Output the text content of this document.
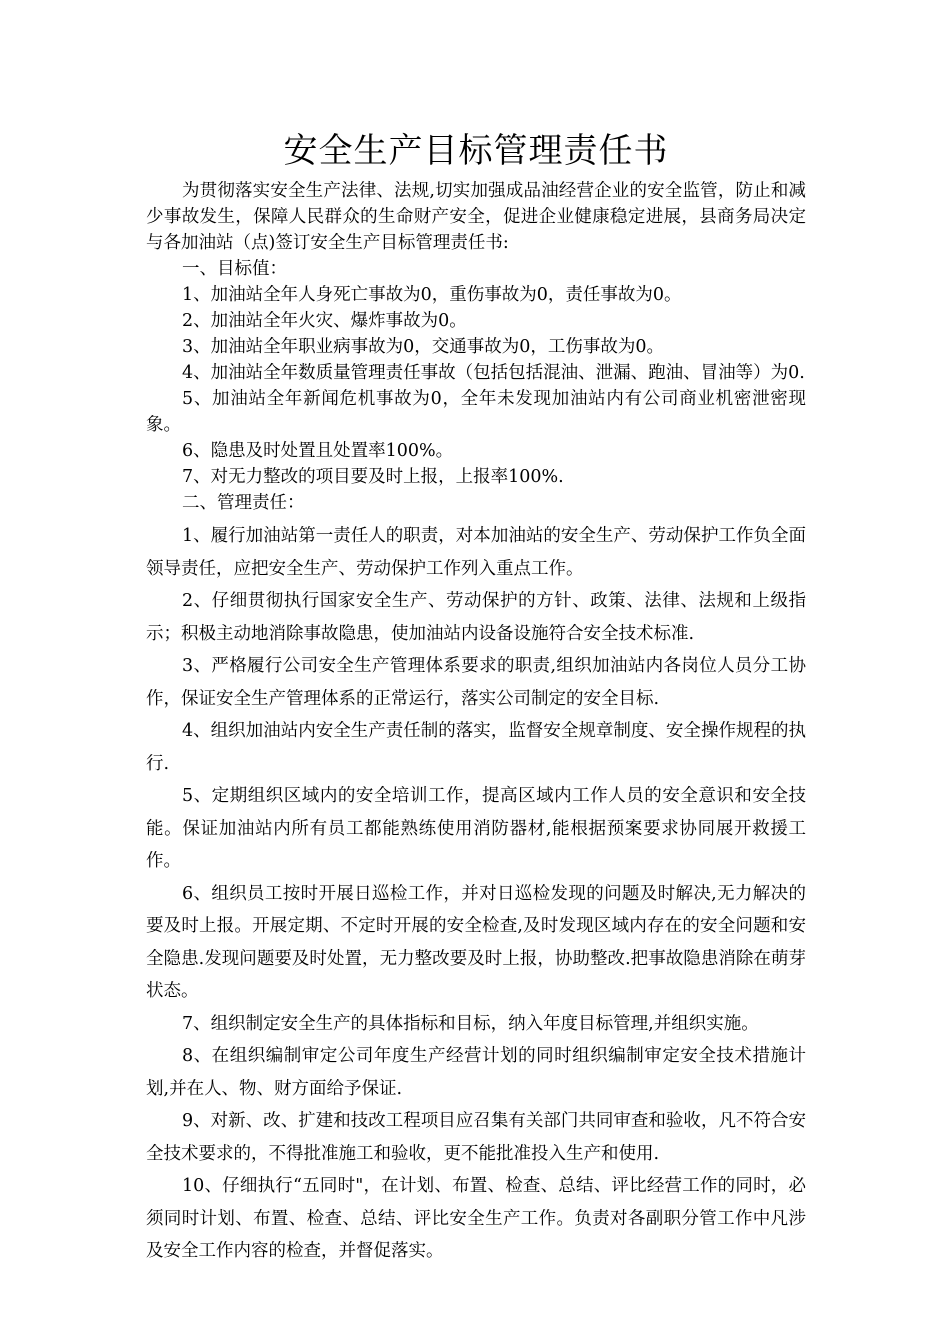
安全生产目标管理责任书

为贯彻落实安全生产法律、法规,切实加强成品油经营企业的安全监管，防止和减少事故发生，保障人民群众的生命财产安全，促进企业健康稳定进展，县商务局决定与各加油站（点)签订安全生产目标管理责任书:

一、目标值：

1、加油站全年人身死亡事故为0，重伤事故为0，责任事故为0。

2、加油站全年火灾、爆炸事故为0。

3、加油站全年职业病事故为0，交通事故为0，工伤事故为0。

4、加油站全年数质量管理责任事故（包括包括混油、泄漏、跑油、冒油等）为0.

5、加油站全年新闻危机事故为0，全年未发现加油站内有公司商业机密泄密现象。

6、隐患及时处置且处置率100%。

7、对无力整改的项目要及时上报，上报率100%.

二、管理责任：

1、履行加油站第一责任人的职责，对本加油站的安全生产、劳动保护工作负全面领导责任，应把安全生产、劳动保护工作列入重点工作。

2、仔细贯彻执行国家安全生产、劳动保护的方针、政策、法律、法规和上级指示；积极主动地消除事故隐患，使加油站内设备设施符合安全技术标准.

3、严格履行公司安全生产管理体系要求的职责,组织加油站内各岗位人员分工协作，保证安全生产管理体系的正常运行，落实公司制定的安全目标.

4、组织加油站内安全生产责任制的落实，监督安全规章制度、安全操作规程的执行.

5、定期组织区域内的安全培训工作，提高区域内工作人员的安全意识和安全技能。保证加油站内所有员工都能熟练使用消防器材,能根据预案要求协同展开救援工作。

6、组织员工按时开展日巡检工作，并对日巡检发现的问题及时解决,无力解决的要及时上报。开展定期、不定时开展的安全检查,及时发现区域内存在的安全问题和安全隐患.发现问题要及时处置，无力整改要及时上报，协助整改.把事故隐患消除在萌芽状态。

7、组织制定安全生产的具体指标和目标，纳入年度目标管理,并组织实施。

8、在组织编制审定公司年度生产经营计划的同时组织编制审定安全技术措施计划,并在人、物、财方面给予保证.

9、对新、改、扩建和技改工程项目应召集有关部门共同审查和验收，凡不符合安全技术要求的，不得批准施工和验收，更不能批准投入生产和使用.

10、仔细执行“五同时"，在计划、布置、检查、总结、评比经营工作的同时，必须同时计划、布置、检查、总结、评比安全生产工作。负责对各副职分管工作中凡涉及安全工作内容的检查，并督促落实。
